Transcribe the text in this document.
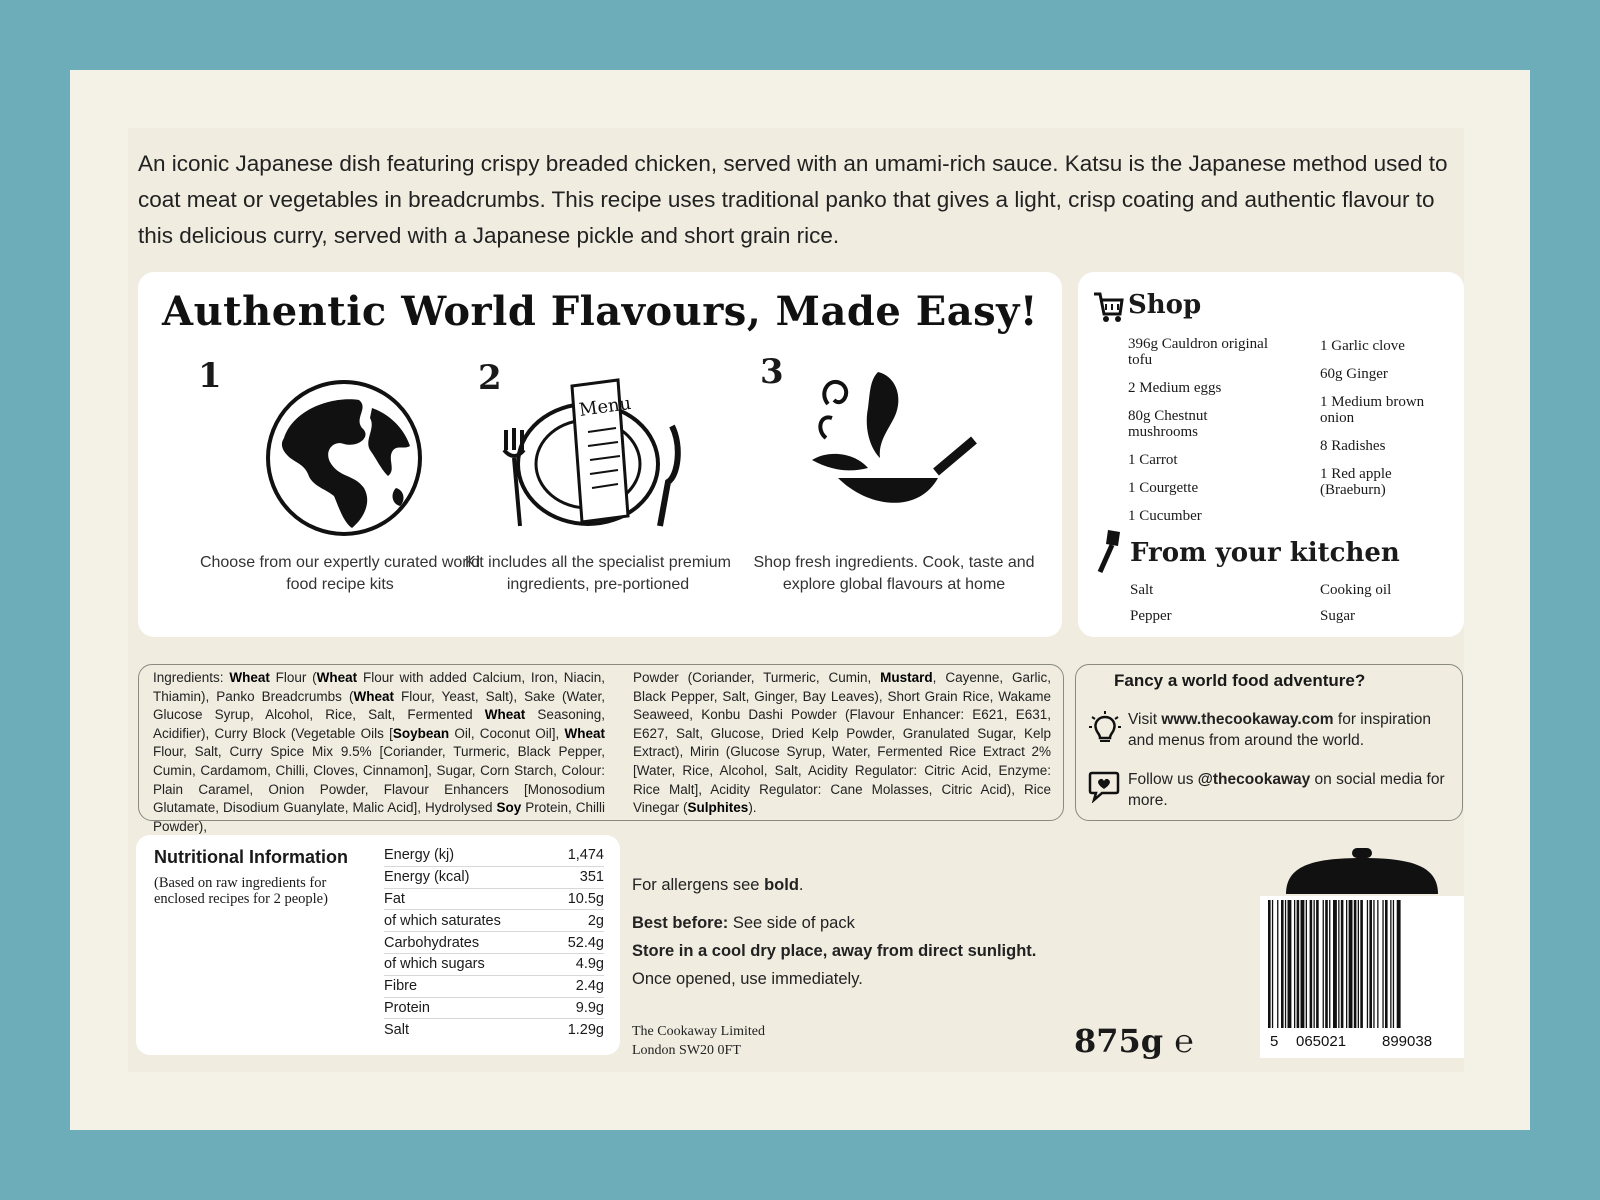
An iconic Japanese dish featuring crispy breaded chicken, served with an umami-rich sauce. Katsu is the Japanese method used to coat meat or vegetables in breadcrumbs. This recipe uses traditional panko that gives a light, crisp coating and authentic flavour to this delicious curry, served with a Japanese pickle and short grain rice.
Authentic World Flavours, Made Easy!
1
Choose from our expertly curated world food recipe kits
2
Menu
Kit includes all the specialist premium ingredients, pre-portioned
3
Shop fresh ingredients. Cook, taste and explore global flavours at home
Shop
396g Cauldron original tofu
2 Medium eggs
80g Chestnut mushrooms
1 Carrot
1 Courgette
1 Cucumber
1 Garlic clove
60g Ginger
1 Medium brown onion
8 Radishes
1 Red apple (Braeburn)
From your kitchen
Salt	Cooking oil
Pepper	Sugar
Ingredients: Wheat Flour (Wheat Flour with added Calcium, Iron, Niacin, Thiamin), Panko Breadcrumbs (Wheat Flour, Yeast, Salt), Sake (Water, Glucose Syrup, Alcohol, Rice, Salt, Fermented Wheat Seasoning, Acidifier), Curry Block (Vegetable Oils [Soybean Oil, Coconut Oil], Wheat Flour, Salt, Curry Spice Mix 9.5% [Coriander, Turmeric, Black Pepper, Cumin, Cardamom, Chilli, Cloves, Cinnamon], Sugar, Corn Starch, Colour: Plain Caramel, Onion Powder, Flavour Enhancers [Monosodium Glutamate, Disodium Guanylate, Malic Acid], Hydrolysed Soy Protein, Chilli Powder),
Powder (Coriander, Turmeric, Cumin, Mustard, Cayenne, Garlic, Black Pepper, Salt, Ginger, Bay Leaves), Short Grain Rice, Wakame Seaweed, Konbu Dashi Powder (Flavour Enhancer: E621, E631, E627, Salt, Glucose, Dried Kelp Powder, Granulated Sugar, Kelp Extract), Mirin (Glucose Syrup, Water, Fermented Rice Extract 2% [Water, Rice, Alcohol, Salt, Acidity Regulator: Citric Acid, Enzyme: Rice Malt], Acidity Regulator: Cane Molasses, Citric Acid), Rice Vinegar (Sulphites).
Fancy a world food adventure?
Visit www.thecookaway.com for inspiration and menus from around the world.
Follow us @thecookaway on social media for more.
Nutritional Information
(Based on raw ingredients for enclosed recipes for 2 people)
Energy (kj)	1,474
Energy (kcal)	351
Fat	10.5g
of which saturates	2g
Carbohydrates	52.4g
of which sugars	4.9g
Fibre	2.4g
Protein	9.9g
Salt	1.29g
For allergens see bold.
Best before: See side of pack
Store in a cool dry place, away from direct sunlight.
Once opened, use immediately.
The Cookaway Limited
London SW20 0FT	875g ℮	5 065021 899038
